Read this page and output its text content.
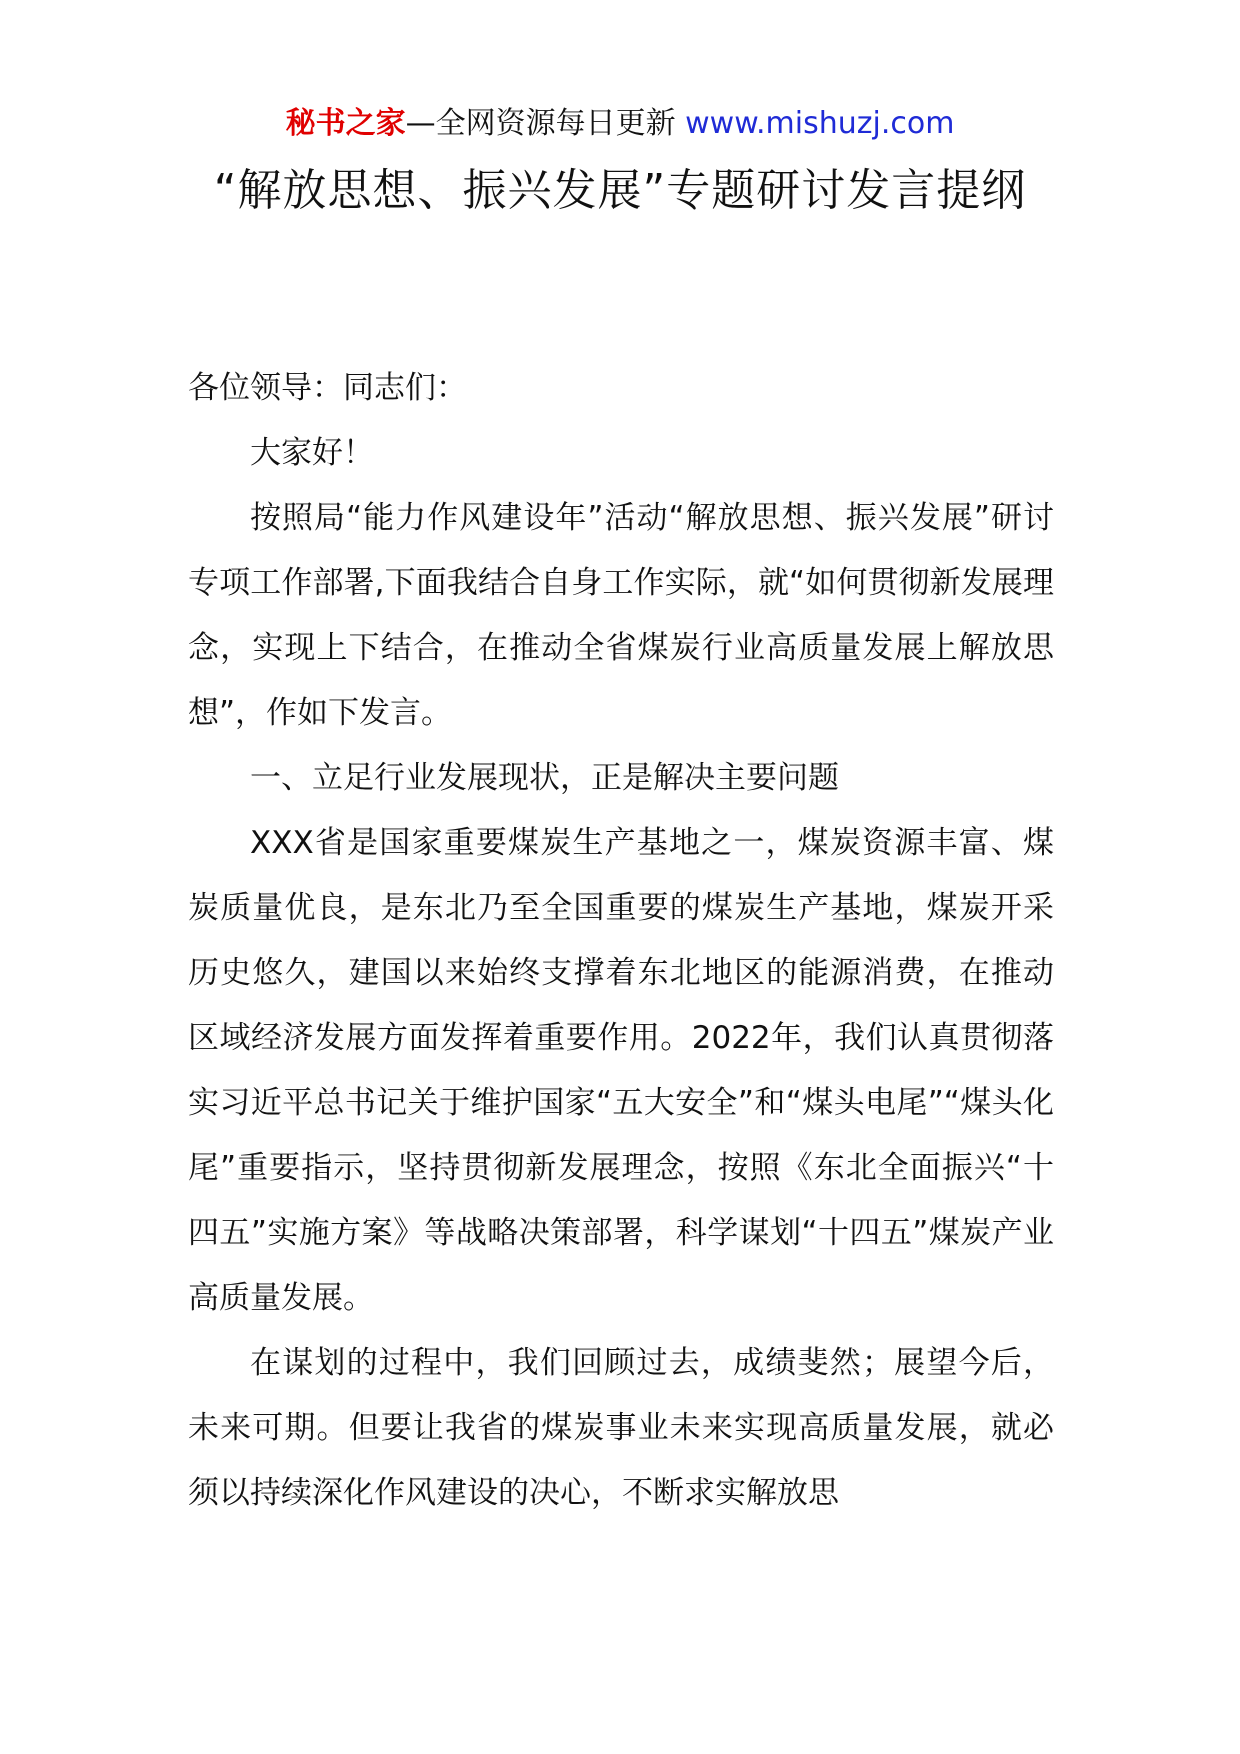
秘书之家—全网资源每日更新 www.mishuzj.com
“解放思想、振兴发展”专题研讨发言提纲

各位领导：同志们：

大家好！

按照局“能力作风建设年”活动“解放思想、振兴发展”研讨专项工作部署,下面我结合自身工作实际，就“如何贯彻新发展理念，实现上下结合，在推动全省煤炭行业高质量发展上解放思想”，作如下发言。

一、立足行业发展现状，正是解决主要问题

XXX省是国家重要煤炭生产基地之一，煤炭资源丰富、煤炭质量优良，是东北乃至全国重要的煤炭生产基地，煤炭开采历史悠久，建国以来始终支撑着东北地区的能源消费，在推动区域经济发展方面发挥着重要作用。2022年，我们认真贯彻落实习近平总书记关于维护国家“五大安全”和“煤头电尾”“煤头化尾”重要指示，坚持贯彻新发展理念，按照《东北全面振兴“十四五”实施方案》等战略决策部署，科学谋划“十四五”煤炭产业高质量发展。

在谋划的过程中，我们回顾过去，成绩斐然；展望今后，未来可期。但要让我省的煤炭事业未来实现高质量发展，就必须以持续深化作风建设的决心，不断求实解放思
